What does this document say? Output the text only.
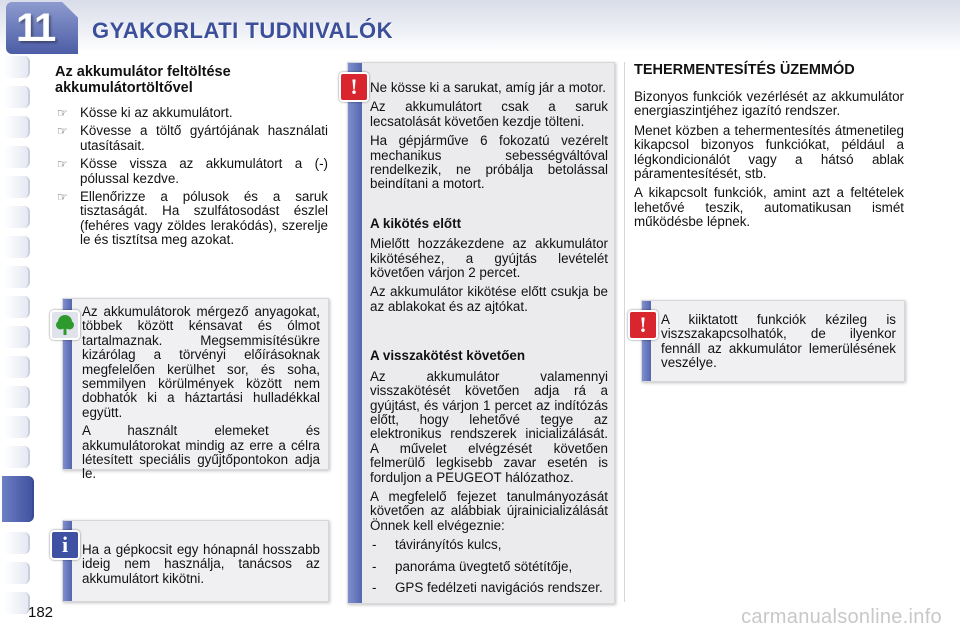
11 GYAKORLATI TUDNIVALÓK
Az akkumulátor feltöltése akkumulátortöltővel
☞ Kösse ki az akkumulátort.
☞ Kövesse a töltő gyártójának használati utasításait.
☞ Kösse vissza az akkumulátort a (-) pólussal kezdve.
☞ Ellenőrizze a pólusok és a saruk tisztaságát. Ha szulfátosodást észlel (fehéres vagy zöldes lerakódás), szerelje le és tisztítsa meg azokat.

Az akkumulátorok mérgező anyagokat, többek között kénsavat és ólmot tartalmaznak. Megsemmisítésükre kizárólag a törvényi előírásoknak megfelelően kerülhet sor, és soha, semmilyen körülmények között nem dobhatók ki a háztartási hulladékkal együtt.

A használt elemeket és akkumulátorokat mindig az erre a célra létesített speciális gyűjtőpontokon adja le.

Ha a gépkocsit egy hónapnál hosszabb ideig nem használja, tanácsos az akkumulátort kikötni.

i

Ne kösse ki a sarukat, amíg jár a motor.

Az akkumulátort csak a saruk lecsatolását követően kezdje tölteni.

Ha gépjárműve 6 fokozatú vezérelt mechanikus sebességváltóval rendelkezik, ne próbálja betolással beindítani a motort.

A kikötés előtt

Mielőtt hozzákezdene az akkumulátor kikötéséhez, a gyújtás levételét követően várjon 2 percet.

Az akkumulátor kikötése előtt csukja be az ablakokat és az ajtókat.

A visszakötést követően

Az akkumulátor valamennyi visszakötését követően adja rá a gyújtást, és várjon 1 percet az indítózás előtt, hogy lehetővé tegye az elektronikus rendszerek inicializálását. A művelet elvégzését követően felmerülő legkisebb zavar esetén is forduljon a PEUGEOT hálózathoz.

A megfelelő fejezet tanulmányozását követően az alábbiak újrainicializálását Önnek kell elvégeznie:

- távirányítós kulcs,
- panoráma üvegtető sötétítője,
- GPS fedélzeti navigációs rendszer.
!
TEHERMENTESÍTÉS ÜZEMMÓD

Bizonyos funkciók vezérlését az akkumulátor energiaszintjéhez igazító rendszer.

Menet közben a tehermentesítés átmenetileg kikapcsol bizonyos funkciókat, például a légkondicionálót vagy a hátsó ablak páramentesítését, stb.

A kikapcsolt funkciók, amint azt a feltételek lehetővé teszik, automatikusan ismét működésbe lépnek.

A kiiktatott funkciók kézileg is viszszakapcsolhatók, de ilyenkor fennáll az akkumulátor lemerülésének veszélye.

!
182	carmanualsonline.info
